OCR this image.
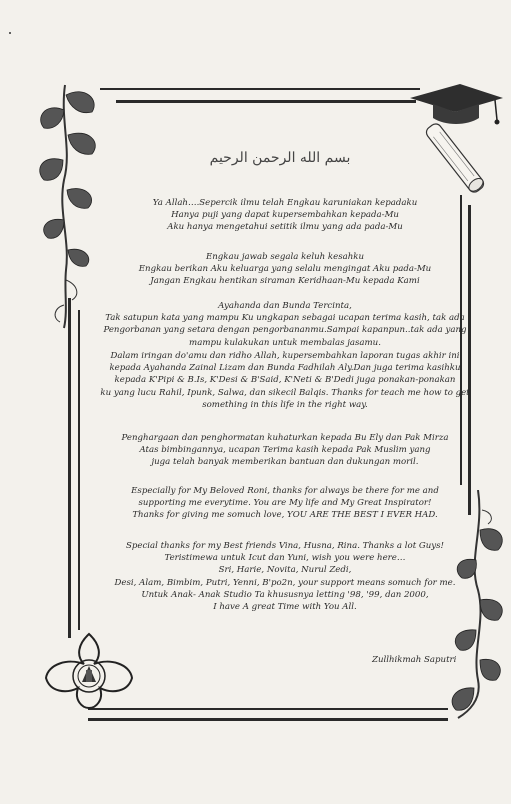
بسم الله الرحمن الرحيم

Ya Allah….Sepercik ilmu telah Engkau karuniakan kepadaku

Hanya puji yang dapat kupersembahkan kepada-Mu

Aku hanya mengetahui setitik ilmu yang ada pada-Mu

Engkau jawab segala keluh kesahku

Engkau berikan Aku keluarga yang selalu mengingat Aku pada-Mu

Jangan Engkau hentikan siraman Keridhaan-Mu kepada Kami

Ayahanda dan Bunda Tercinta,

Tak satupun kata yang mampu Ku ungkapan sebagai ucapan terima kasih, tak ada

Pengorbanan yang setara dengan pengorbananmu.Sampai kapanpun..tak ada yang

mampu kulakukan untuk membalas jasamu.

Dalam iringan do'amu dan ridho Allah, kupersembahkan laporan tugas akhir ini

kepada Ayahanda Zainal Lizam dan Bunda Fadhilah Aly.Dan juga terima kasihku

kepada K'Pipi & B.Is, K'Desi & B'Said, K'Neti & B'Dedi juga ponakan-ponakan

ku yang lucu Rahil, Ipunk, Salwa, dan sikecil Balqis. Thanks for teach me how to get

something in this life in the right way.

Penghargaan dan penghormatan kuhaturkan kepada Bu Ely dan Pak Mirza

Atas bimbingannya, ucapan Terima kasih kepada Pak Muslim yang

juga telah banyak memberikan bantuan dan dukungan moril.

Especially for My Beloved Roni, thanks for always be there for me and

supporting me everytime. You are My life and My Great Inspirator!

Thanks for giving me somuch love, YOU ARE THE BEST I EVER HAD.

Special thanks for my Best friends Vina, Husna, Rina. Thanks a lot Guys!

Teristimewa untuk Icut dan Yuni, wish you were here…

Sri, Harie, Novita, Nurul Zedi,

Desi, Alam, Bimbim, Putri, Yenni, B'po2n, your support means somuch for me.

Untuk Anak- Anak Studio Ta khususnya letting '98, '99, dan 2000,

I have A great Time with You All.

Zullhikmah Saputri
